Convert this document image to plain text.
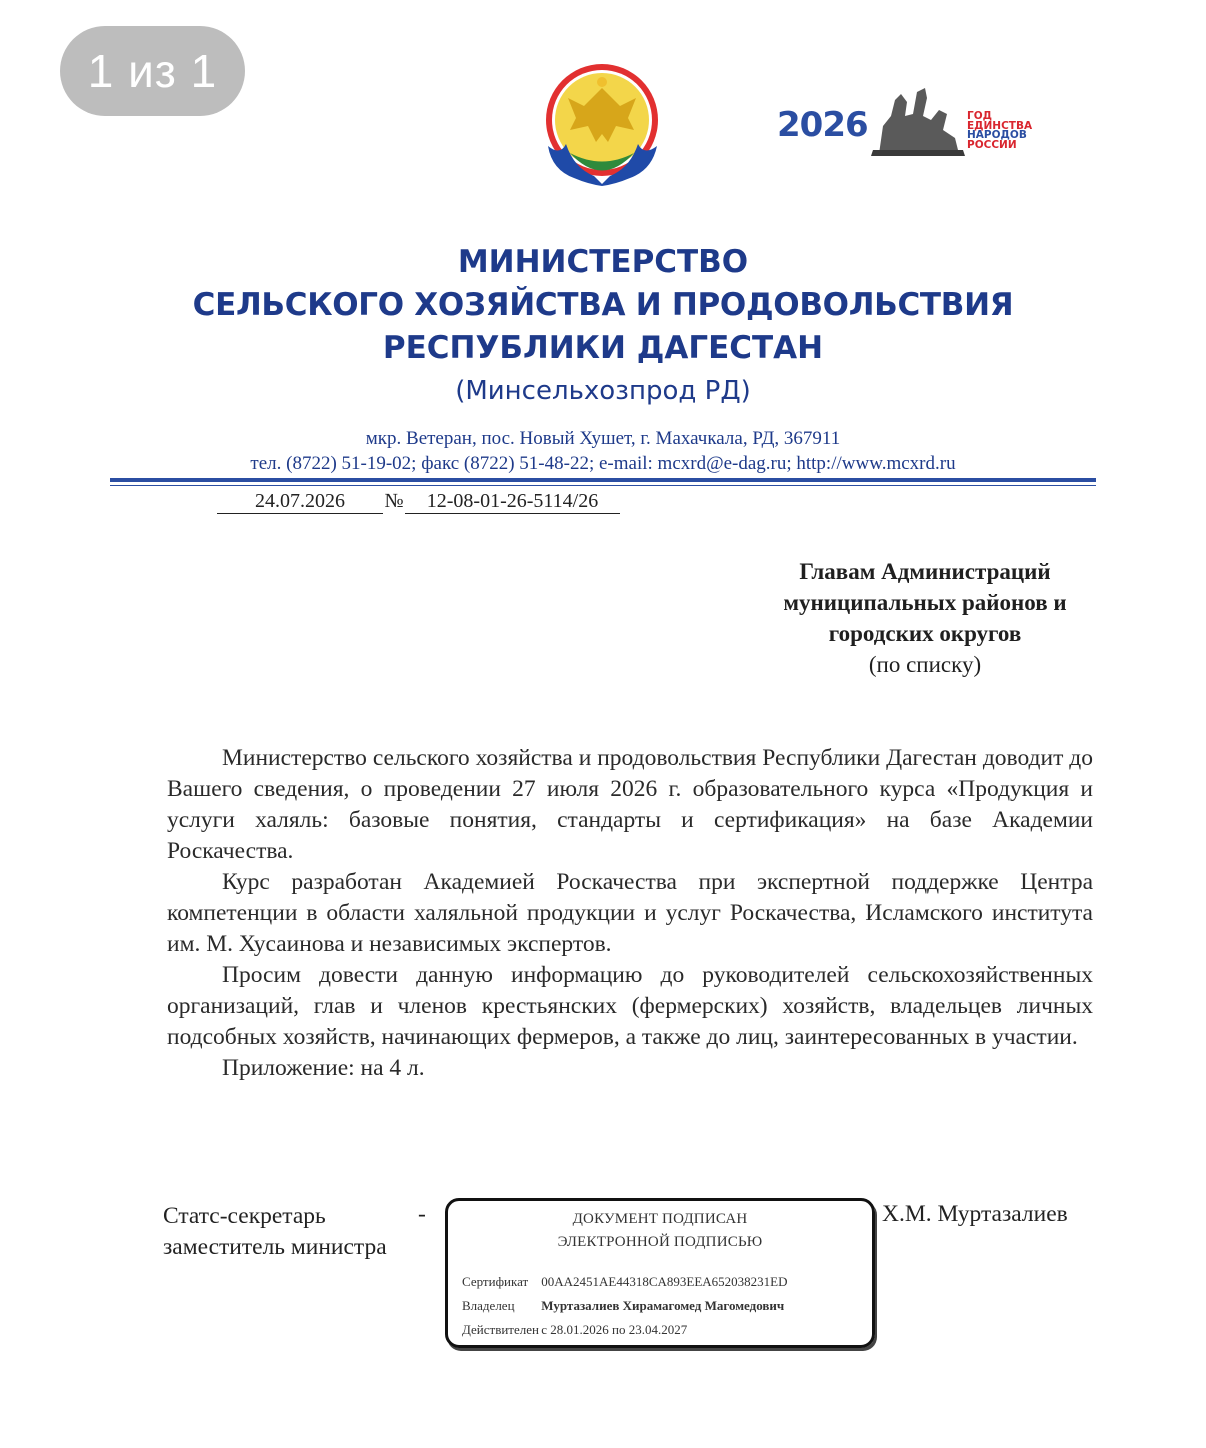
1 из 1
2026	ГОД
ЕДИНСТВА
НАРОДОВ
РОССИИ
МИНИСТЕРСТВО
СЕЛЬСКОГО ХОЗЯЙСТВА И ПРОДОВОЛЬСТВИЯ
РЕСПУБЛИКИ ДАГЕСТАН
(Минсельхозпрод РД)
мкр. Ветеран, пос. Новый Хушет, г. Махачкала, РД, 367911
тел. (8722) 51-19-02; факс (8722) 51-48-22; e-mail: mcxrd@e-dag.ru; http://www.mcxrd.ru
24.07.2026	№	12-08-01-26-5114/26
Главам Администраций
муниципальных районов и
городских округов
(по списку)

Министерство сельского хозяйства и продовольствия Республики Дагестан доводит до Вашего сведения, о проведении 27 июля 2026 г. образовательного курса «Продукция и услуги халяль: базовые понятия, стандарты и сертификация» на базе Академии Роскачества.

Курс разработан Академией Роскачества при экспертной поддержке Центра компетенции в области халяльной продукции и услуг Роскачества, Исламского института им. М. Хусаинова и независимых экспертов.

Просим довести данную информацию до руководителей сельскохозяйственных организаций, глав и членов крестьянских (фермерских) хозяйств, владельцев личных подсобных хозяйств, начинающих фермеров, а также до лиц, заинтересованных в участии.

Приложение: на 4 л.

Статс-секретарь
заместитель министра
-	Х.М. Муртазалиев
ДОКУМЕНТ ПОДПИСАН
ЭЛЕКТРОННОЙ ПОДПИСЬЮ
Сертификат 00AA2451AE44318CA893EEA652038231ED
Владелец Муртазалиев Хирамагомед Магомедович
Действителен с 28.01.2026 по 23.04.2027
